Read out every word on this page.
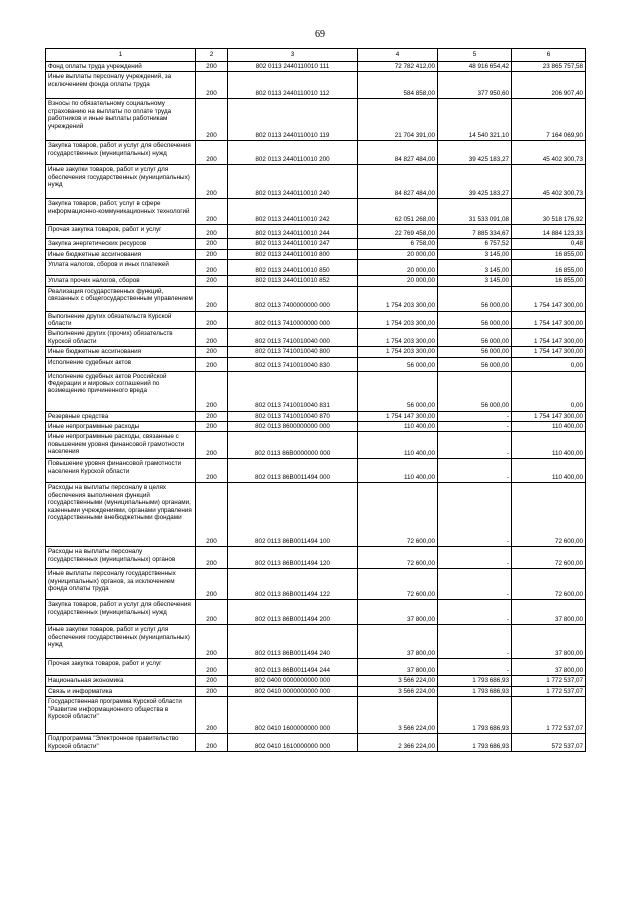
69
1	2	3	4	5	6
Фонд оплаты труда учреждений	200	802 0113 2440110010 111	72 782 412,00	48 916 654,42	23 865 757,58
Иные выплаты персоналу учреждений, за исключением фонда оплаты труда	200	802 0113 2440110010 112	584 858,00	377 950,60	206 907,40
Взносы по обязательному социальному страхованию на выплаты по оплате труда работников и иные выплаты работникам учреждений	200	802 0113 2440110010 119	21 704 391,00	14 540 321,10	7 164 069,90
Закупка товаров, работ и услуг для обеспечения государственных (муниципальных) нужд	200	802 0113 2440110010 200	84 827 484,00	39 425 183,27	45 402 300,73
Иные закупки товаров, работ и услуг для обеспечения государственных (муниципальных) нужд	200	802 0113 2440110010 240	84 827 484,00	39 425 183,27	45 402 300,73
Закупка товаров, работ, услуг в сфере информационно-коммуникационных технологий	200	802 0113 2440110010 242	62 051 268,00	31 533 091,08	30 518 176,92
Прочая закупка товаров, работ и услуг	200	802 0113 2440110010 244	22 769 458,00	7 885 334,67	14 884 123,33
Закупка энергетических ресурсов	200	802 0113 2440110010 247	6 758,00	6 757,52	0,48
Иные бюджетные ассигнования	200	802 0113 2440110010 800	20 000,00	3 145,00	16 855,00
Уплата налогов, сборов и иных платежей	200	802 0113 2440110010 850	20 000,00	3 145,00	16 855,00
Уплата прочих налогов, сборов	200	802 0113 2440110010 852	20 000,00	3 145,00	16 855,00
Реализация государственных функций, связанных с общегосударственным управлением	200	802 0113 7400000000 000	1 754 203 300,00	56 000,00	1 754 147 300,00
Выполнение других обязательств Курской области	200	802 0113 7410000000 000	1 754 203 300,00	56 000,00	1 754 147 300,00
Выполнение других (прочих) обязательств Курской области	200	802 0113 7410010040 000	1 754 203 300,00	56 000,00	1 754 147 300,00
Иные бюджетные ассигнования	200	802 0113 7410010040 800	1 754 203 300,00	56 000,00	1 754 147 300,00
Исполнение судебных актов	200	802 0113 7410010040 830	56 000,00	56 000,00	0,00
Исполнение судебных актов Российской Федерации и мировых соглашений по возмещению причиненного вреда	200	802 0113 7410010040 831	56 000,00	56 000,00	0,00
Резервные средства	200	802 0113 7410010040 870	1 754 147 300,00	-	1 754 147 300,00
Иные непрограммные расходы	200	802 0113 8600000000 000	110 400,00	-	110 400,00
Иные непрограммные расходы, связанные с повышением уровня финансовой грамотности населения	200	802 0113 86В0000000 000	110 400,00	-	110 400,00
Повышение уровня финансовой грамотности населения Курской области	200	802 0113 86В0011494 000	110 400,00	-	110 400,00
Расходы на выплаты персоналу в целях обеспечения выполнения функций государственными (муниципальными) органами, казенными учреждениями, органами управления государственными внебюджетными фондами	200	802 0113 86В0011494 100	72 600,00	-	72 600,00
Расходы на выплаты персоналу государственных (муниципальных) органов	200	802 0113 86В0011494 120	72 600,00	-	72 600,00
Иные выплаты персоналу государственных (муниципальных) органов, за исключением фонда оплаты труда	200	802 0113 86В0011494 122	72 600,00	-	72 600,00
Закупка товаров, работ и услуг для обеспечения государственных (муниципальных) нужд	200	802 0113 86В0011494 200	37 800,00	-	37 800,00
Иные закупки товаров, работ и услуг для обеспечения государственных (муниципальных) нужд	200	802 0113 86В0011494 240	37 800,00	-	37 800,00
Прочая закупка товаров, работ и услуг	200	802 0113 86В0011494 244	37 800,00	-	37 800,00
Национальная экономика	200	802 0400 0000000000 000	3 566 224,00	1 793 686,93	1 772 537,07
Связь и информатика	200	802 0410 0000000000 000	3 566 224,00	1 793 686,93	1 772 537,07
Государственная программа Курской области "Развитие информационного общества в Курской области"	200	802 0410 1600000000 000	3 566 224,00	1 793 686,93	1 772 537,07
Подпрограмма "Электронное правительство Курской области"	200	802 0410 1610000000 000	2 366 224,00	1 793 686,93	572 537,07
